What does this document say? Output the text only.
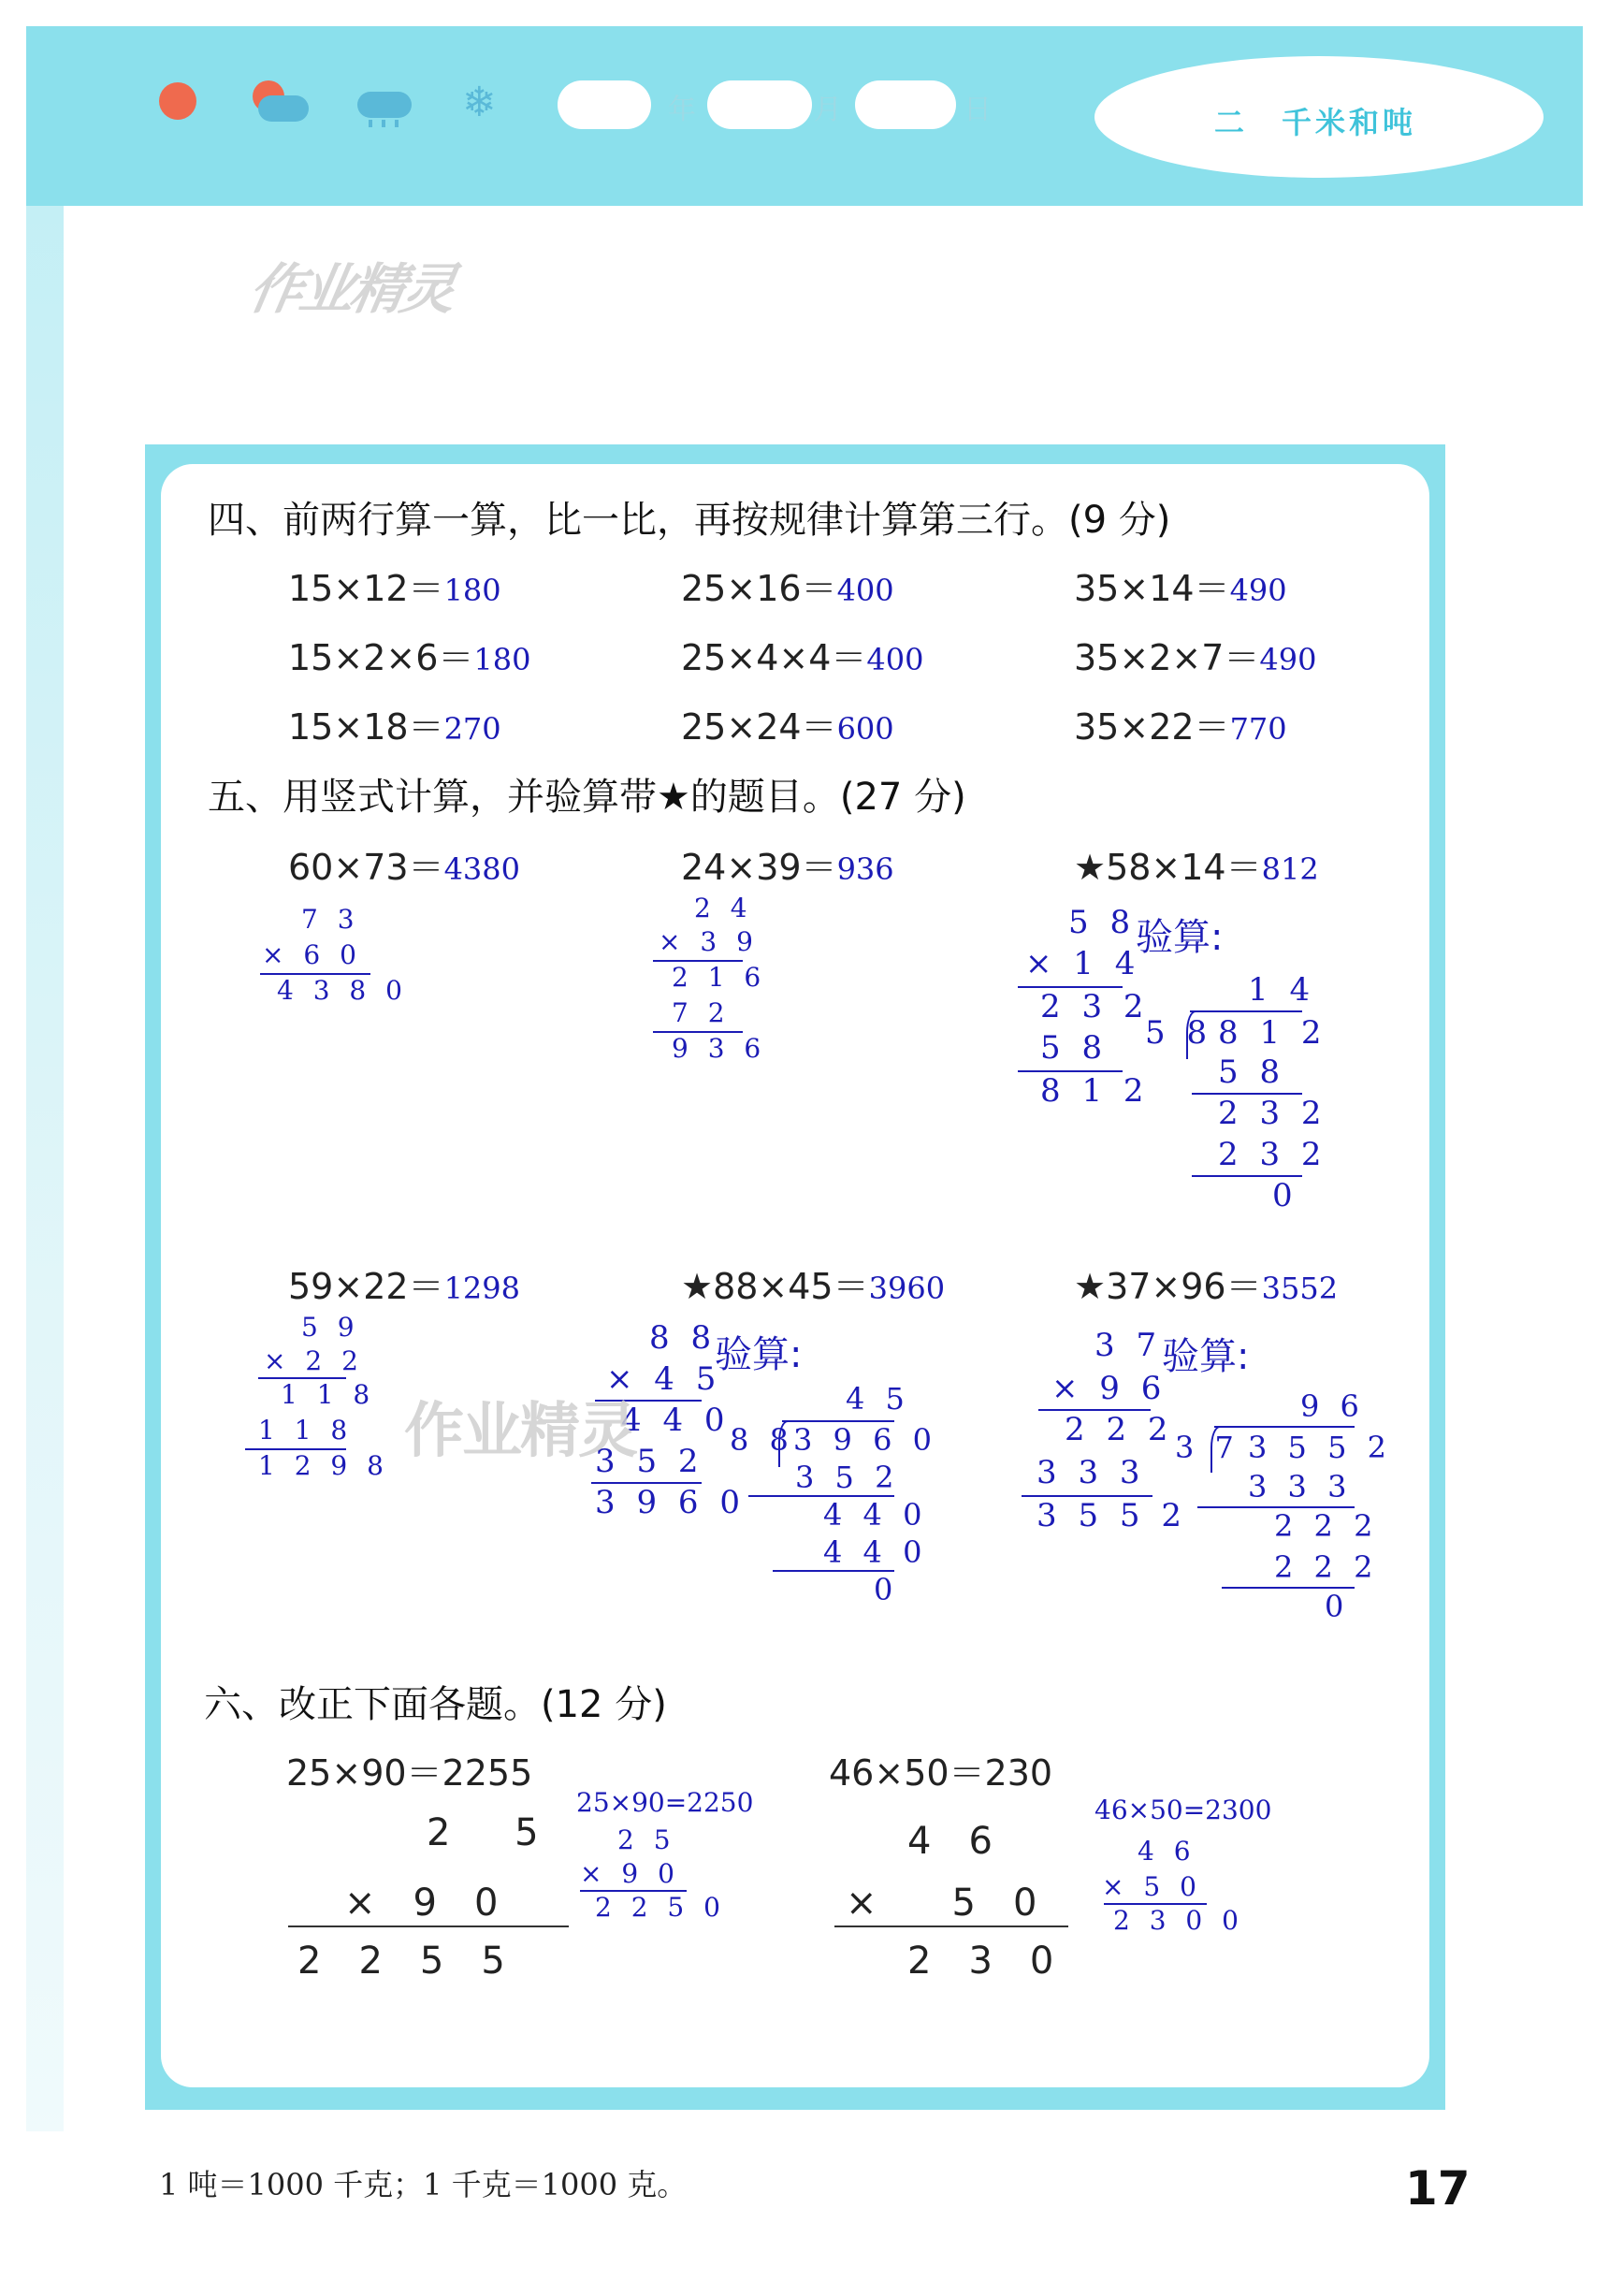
❄	年	月	日	二　千米和吨
作业精灵
四、前两行算一算，比一比，再按规律计算第三行。(9 分)
15×12＝180	25×16＝400	35×14＝490
15×2×6＝180	25×4×4＝400	35×2×7＝490
15×18＝270	25×24＝600	35×22＝770
五、用竖式计算，并验算带★的题目。(27 分)
60×73＝4380	24×39＝936	★58×14＝812
7 3
× 6 0
4 3 8 0
2 4
× 3 9
2 1 6
7 2
9 3 6
5 8
× 1 4
2 3 2
5 8
8 1 2
验算:
1 4
5 8 8 1 2
5 8
2 3 2
2 3 2
0
59×22＝1298	★88×45＝3960	★37×96＝3552
5 9
× 2 2
1 1 8
1 1 8
1 2 9 8
8 8
× 4 5
4 4 0
3 5 2
3 9 6 0
验算:
4 5
8 8 3 9 6 0
3 5 2
4 4 0
4 4 0
0
3 7
× 9 6
2 2 2
3 3 3
3 5 5 2
验算:
9 6
3 7 3 5 5 2
3 3 3
2 2 2
2 2 2
0
作业精灵
六、改正下面各题。(12 分)
25×90＝2255
2 5
×　9　0
2　2　5　5
25×90=2250
2 5
× 9 0
2 2 5 0
46×50＝230
4　6
×　　5　0
2　3　0
46×50=2300
4 6
× 5 0
2 3 0 0
1 吨＝1000 千克；1 千克＝1000 克。	17
